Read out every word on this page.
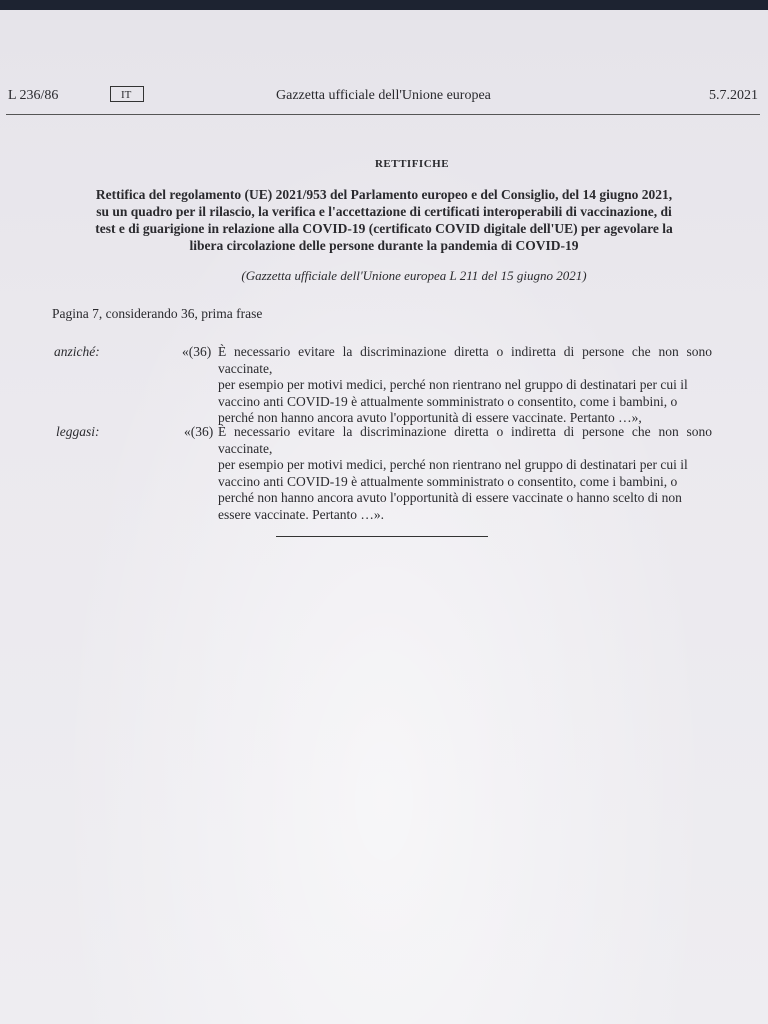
L 236/86	IT	Gazzetta ufficiale dell'Unione europea	5.7.2021
RETTIFICHE
Rettifica del regolamento (UE) 2021/953 del Parlamento europeo e del Consiglio, del 14 giugno 2021,
su un quadro per il rilascio, la verifica e l'accettazione di certificati interoperabili di vaccinazione, di
test e di guarigione in relazione alla COVID-19 (certificato COVID digitale dell'UE) per agevolare la
libera circolazione delle persone durante la pandemia di COVID-19
(Gazzetta ufficiale dell'Unione europea L 211 del 15 giugno 2021)
Pagina 7, considerando 36, prima frase
anziché:	«(36) È necessario evitare la discriminazione diretta o indiretta di persone che non sono vaccinate,
per esempio per motivi medici, perché non rientrano nel gruppo di destinatari per cui il
vaccino anti COVID-19 è attualmente somministrato o consentito, come i bambini, o
perché non hanno ancora avuto l'opportunità di essere vaccinate. Pertanto …»,
leggasi:	«(36) È necessario evitare la discriminazione diretta o indiretta di persone che non sono vaccinate,
per esempio per motivi medici, perché non rientrano nel gruppo di destinatari per cui il
vaccino anti COVID-19 è attualmente somministrato o consentito, come i bambini, o
perché non hanno ancora avuto l'opportunità di essere vaccinate o hanno scelto di non
essere vaccinate. Pertanto …».
